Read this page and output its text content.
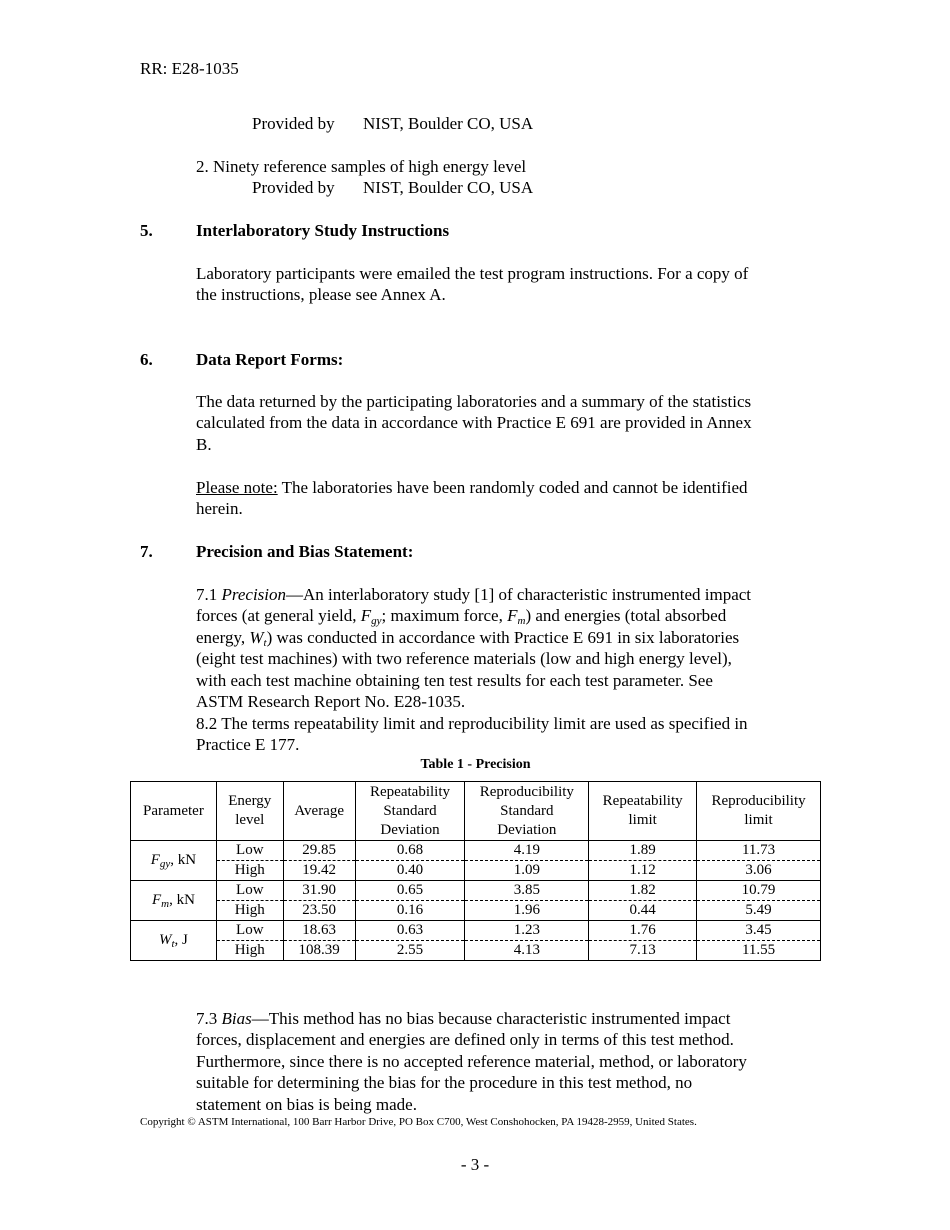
RR: E28-1035
Provided by NIST, Boulder CO, USA
2. Ninety reference samples of high energy level
Provided by NIST, Boulder CO, USA
5.	Interlaboratory Study Instructions
Laboratory participants were emailed the test program instructions. For a copy of
the instructions, please see Annex A.
6.	Data Report Forms:
The data returned by the participating laboratories and a summary of the statistics
calculated from the data in accordance with Practice E 691 are provided in Annex
B.
Please note: The laboratories have been randomly coded and cannot be identified
herein.
7.	Precision and Bias Statement:
7.1 Precision—An interlaboratory study [1] of characteristic instrumented impact
forces (at general yield, $F_{gy}$; maximum force, $F_m$) and energies (total absorbed
energy, $W_t$) was conducted in accordance with Practice E 691 in six laboratories
(eight test machines) with two reference materials (low and high energy level),
with each test machine obtaining ten test results for each test parameter. See
ASTM Research Report No. E28-1035.
8.2 The terms repeatability limit and reproducibility limit are used as specified in
Practice E 177.
Table 1 - Precision
Parameter	Energy
level	Average	Repeatability
Standard
Deviation	Reproducibility
Standard
Deviation	Repeatability
limit	Reproducibility
limit
$F_{gy}$, kN	Low	29.85	0.68	4.19	1.89	11.73
	High	19.42	0.40	1.09	1.12	3.06
$F_m$, kN	Low	31.90	0.65	3.85	1.82	10.79
	High	23.50	0.16	1.96	0.44	5.49
$W_t$, J	Low	18.63	0.63	1.23	1.76	3.45
	High	108.39	2.55	4.13	7.13	11.55
7.3 Bias—This method has no bias because characteristic instrumented impact
forces, displacement and energies are defined only in terms of this test method.
Furthermore, since there is no accepted reference material, method, or laboratory
suitable for determining the bias for the procedure in this test method, no
statement on bias is being made.
Copyright © ASTM International, 100 Barr Harbor Drive, PO Box C700, West Conshohocken, PA 19428-2959, United States.
- 3 -
